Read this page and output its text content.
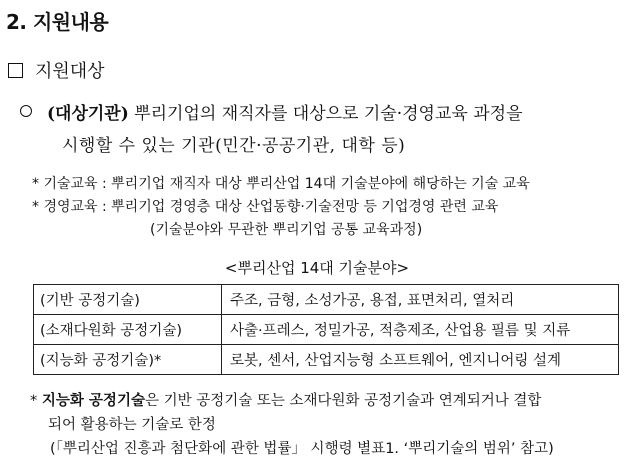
2. 지원내용
지원대상
(대상기관) 뿌리기업의 재직자를 대상으로 기술·경영교육 과정을
시행할 수 있는 기관(민간·공공기관, 대학 등)
* 기술교육 : 뿌리기업 재직자 대상 뿌리산업 14대 기술분야에 해당하는 기술 교육
* 경영교육 : 뿌리기업 경영층 대상 산업동향·기술전망 등 기업경영 관련 교육
(기술분야와 무관한 뿌리기업 공통 교육과정)
<뿌리산업 14대 기술분야>
(기반 공정기술)	주조, 금형, 소성가공, 용접, 표면처리, 열처리
(소재다원화 공정기술)	사출·프레스, 정밀가공, 적층제조, 산업용 필름 및 지류
(지능화 공정기술)*	로봇, 센서, 산업지능형 소프트웨어, 엔지니어링 설계
* 지능화 공정기술은 기반 공정기술 또는 소재다원화 공정기술과 연계되거나 결합
되어 활용하는 기술로 한정
(「뿌리산업 진흥과 첨단화에 관한 법률」 시행령 별표1. ‘뿌리기술의 범위’ 참고)
